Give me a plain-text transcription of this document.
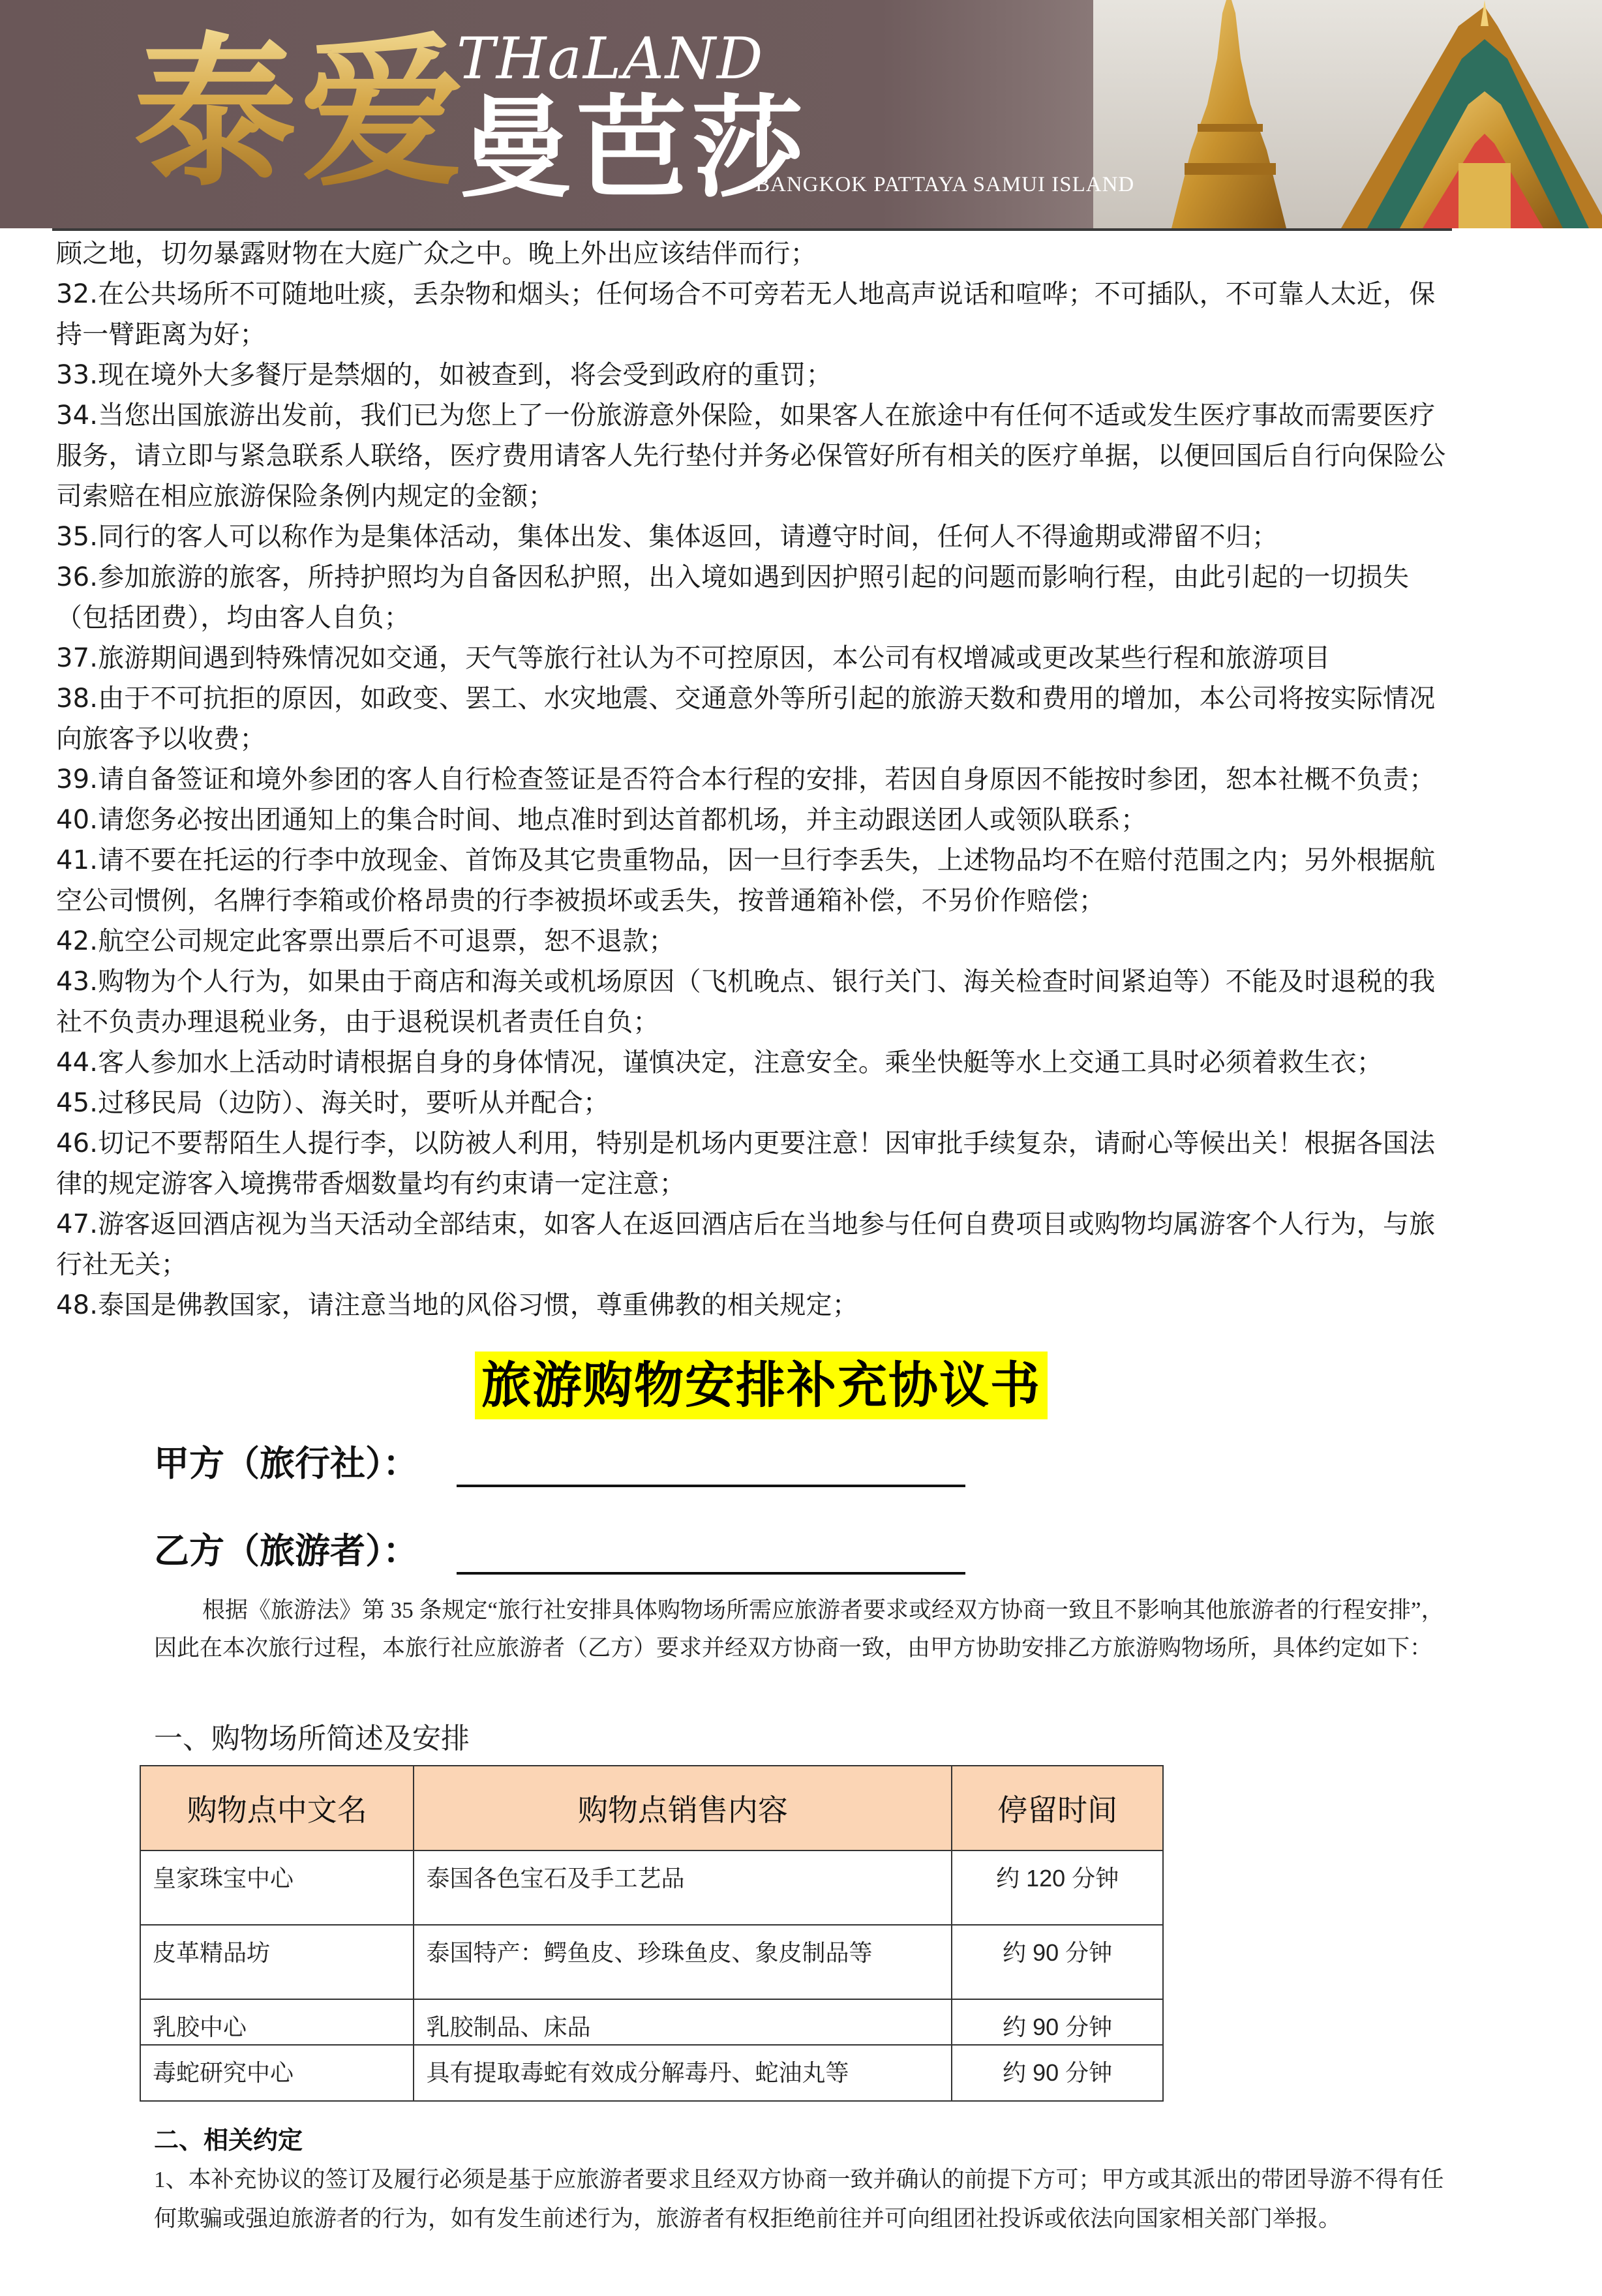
泰爱
THaLAND
曼芭莎
BANGKOK PATTAYA SAMUI ISLAND

顾之地，切勿暴露财物在大庭广众之中。晚上外出应该结伴而行；

32.在公共场所不可随地吐痰，丢杂物和烟头；任何场合不可旁若无人地高声说话和喧哗；不可插队，不可靠人太近，保持一臂距离为好；

33.现在境外大多餐厅是禁烟的，如被查到，将会受到政府的重罚；

34.当您出国旅游出发前，我们已为您上了一份旅游意外保险，如果客人在旅途中有任何不适或发生医疗事故而需要医疗服务，请立即与紧急联系人联络，医疗费用请客人先行垫付并务必保管好所有相关的医疗单据，以便回国后自行向保险公司索赔在相应旅游保险条例内规定的金额；

35.同行的客人可以称作为是集体活动，集体出发、集体返回，请遵守时间，任何人不得逾期或滞留不归；

36.参加旅游的旅客，所持护照均为自备因私护照，出入境如遇到因护照引起的问题而影响行程，由此引起的一切损失（包括团费），均由客人自负；

37.旅游期间遇到特殊情况如交通，天气等旅行社认为不可控原因，本公司有权增减或更改某些行程和旅游项目

38.由于不可抗拒的原因，如政变、罢工、水灾地震、交通意外等所引起的旅游天数和费用的增加，本公司将按实际情况向旅客予以收费；

39.请自备签证和境外参团的客人自行检查签证是否符合本行程的安排，若因自身原因不能按时参团，恕本社概不负责；

40.请您务必按出团通知上的集合时间、地点准时到达首都机场，并主动跟送团人或领队联系；

41.请不要在托运的行李中放现金、首饰及其它贵重物品，因一旦行李丢失，上述物品均不在赔付范围之内；另外根据航空公司惯例，名牌行李箱或价格昂贵的行李被损坏或丢失，按普通箱补偿，不另价作赔偿；

42.航空公司规定此客票出票后不可退票，恕不退款；

43.购物为个人行为，如果由于商店和海关或机场原因（飞机晚点、银行关门、海关检查时间紧迫等）不能及时退税的我社不负责办理退税业务，由于退税误机者责任自负；

44.客人参加水上活动时请根据自身的身体情况，谨慎决定，注意安全。乘坐快艇等水上交通工具时必须着救生衣；

45.过移民局（边防）、海关时，要听从并配合；

46.切记不要帮陌生人提行李，以防被人利用，特别是机场内更要注意！因审批手续复杂，请耐心等候出关！根据各国法律的规定游客入境携带香烟数量均有约束请一定注意；

47.游客返回酒店视为当天活动全部结束，如客人在返回酒店后在当地参与任何自费项目或购物均属游客个人行为，与旅行社无关；

48.泰国是佛教国家，请注意当地的风俗习惯，尊重佛教的相关规定；

旅游购物安排补充协议书
甲方（旅行社）：
乙方（旅游者）：
根据《旅游法》第 35 条规定“旅行社安排具体购物场所需应旅游者要求或经双方协商一致且不影响其他旅游者的行程安排”，因此在本次旅行过程，本旅行社应旅游者（乙方）要求并经双方协商一致，由甲方协助安排乙方旅游购物场所，具体约定如下：
一、购物场所简述及安排
购物点中文名	购物点销售内容	停留时间
皇家珠宝中心	泰国各色宝石及手工艺品	约 120 分钟
皮革精品坊	泰国特产：鳄鱼皮、珍珠鱼皮、象皮制品等	约 90 分钟
乳胶中心	乳胶制品、床品	约 90 分钟
毒蛇研究中心	具有提取毒蛇有效成分解毒丹、蛇油丸等	约 90 分钟
二、相关约定
1、本补充协议的签订及履行必须是基于应旅游者要求且经双方协商一致并确认的前提下方可；甲方或其派出的带团导游不得有任何欺骗或强迫旅游者的行为，如有发生前述行为，旅游者有权拒绝前往并可向组团社投诉或依法向国家相关部门举报。
